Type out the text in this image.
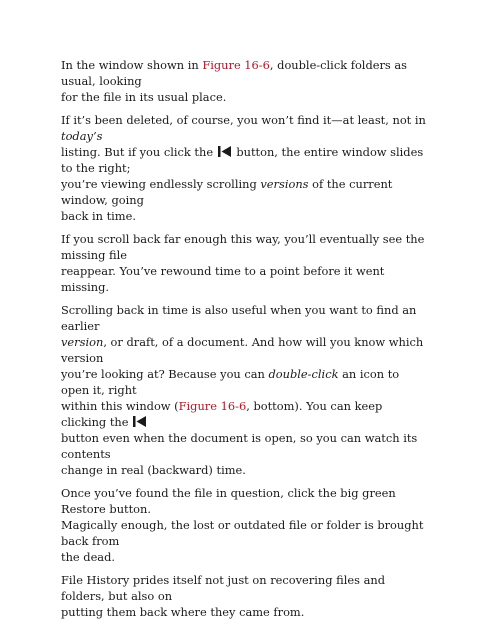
In the window shown in Figure 16-6, double-click folders as usual, looking
for the file in its usual place.

If it’s been deleted, of course, you won’t find it—at least, not in today’s
listing. But if you click the  button, the entire window slides to the right;
you’re viewing endlessly scrolling versions of the current window, going
back in time.

If you scroll back far enough this way, you’ll eventually see the missing file
reappear. You’ve rewound time to a point before it went missing.

Scrolling back in time is also useful when you want to find an earlier
version, or draft, of a document. And how will you know which version
you’re looking at? Because you can double-click an icon to open it, right
within this window (Figure 16-6, bottom). You can keep clicking the
button even when the document is open, so you can watch its contents
change in real (backward) time.

Once you’ve found the file in question, click the big green Restore button.
Magically enough, the lost or outdated file or folder is brought back from
the dead.

File History prides itself not just on recovering files and folders, but also on
putting them back where they came from.
